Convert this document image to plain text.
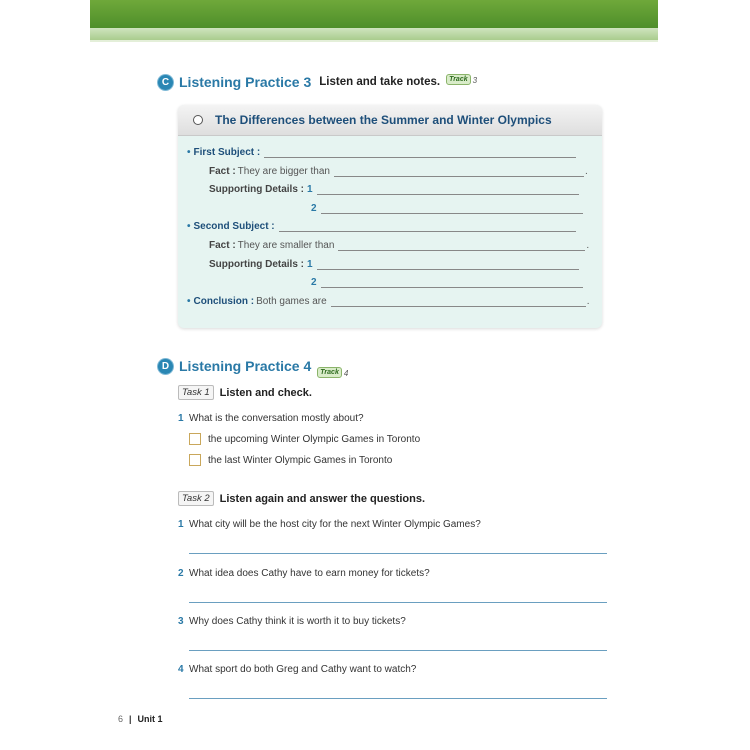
C Listening Practice 3 Listen and take notes.	Track 3
The Differences between the Summer and Winter Olympics
• First Subject :
Fact : They are bigger than	.
Supporting Details : 1
2
• Second Subject :
Fact : They are smaller than	.
Supporting Details : 1
2
• Conclusion : Both games are	.
D Listening Practice 4	Track 4
Task 1 Listen and check.
1 What is the conversation mostly about?
the upcoming Winter Olympic Games in Toronto
the last Winter Olympic Games in Toronto
Task 2 Listen again and answer the questions.
1 What city will be the host city for the next Winter Olympic Games?
2 What idea does Cathy have to earn money for tickets?
3 Why does Cathy think it is worth it to buy tickets?
4 What sport do both Greg and Cathy want to watch?
6 | Unit 1
